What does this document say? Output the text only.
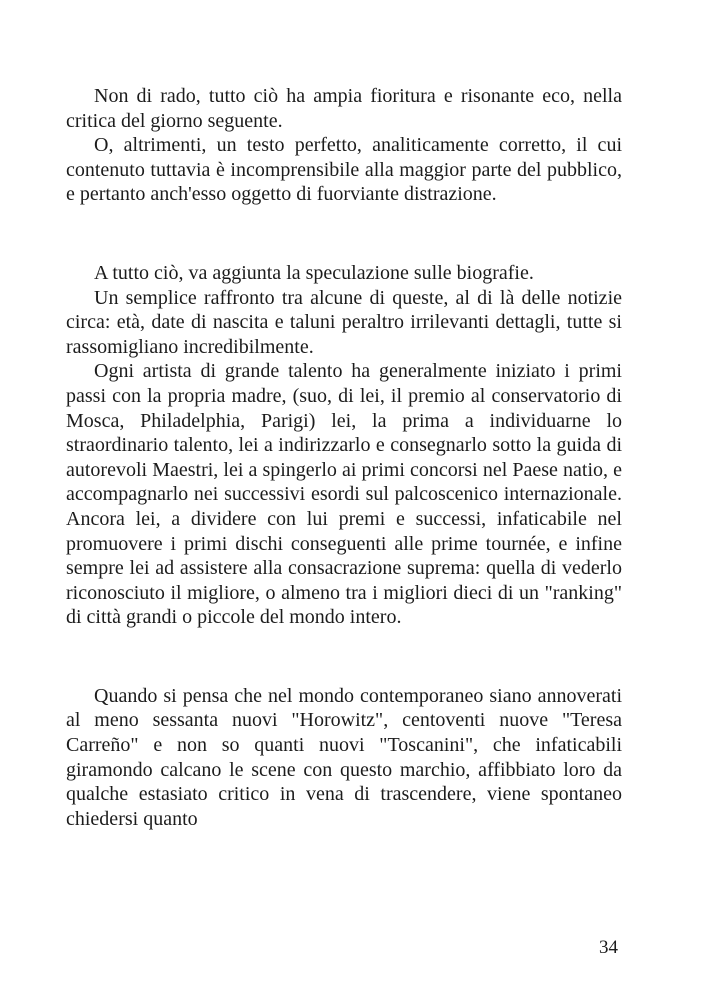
Non di rado, tutto ciò ha ampia fioritura e risonante eco, nella critica del giorno seguente.

O, altrimenti, un testo perfetto, analiticamente corretto, il cui contenuto tuttavia è incomprensibile alla maggior parte del pubblico, e pertanto anch'esso oggetto di fuorviante distrazione.

A tutto ciò, va aggiunta la speculazione sulle biografie.

Un semplice raffronto tra alcune di queste, al di là delle notizie circa: età, date di nascita e taluni peraltro irrilevanti dettagli, tutte si rassomigliano incredibilmente.

Ogni artista di grande talento ha generalmente iniziato i primi passi con la propria madre, (suo, di lei, il premio al conservatorio di Mosca, Philadelphia, Parigi) lei, la prima a individuarne lo straordinario talento, lei a indirizzarlo e consegnarlo sotto la guida di autorevoli Maestri, lei a spingerlo ai primi concorsi nel Paese natio, e accompagnarlo nei successivi esordi sul palcoscenico internazionale. Ancora lei, a dividere con lui premi e successi, infaticabile nel promuovere i primi dischi conseguenti alle prime tournée, e infine sempre lei ad assistere alla consacrazione suprema: quella di vederlo riconosciuto il migliore, o almeno tra i migliori dieci di un "ranking" di città grandi o piccole del mondo intero.

Quando si pensa che nel mondo contemporaneo siano annoverati al meno sessanta nuovi "Horowitz", centoventi nuove "Teresa Carreño" e non so quanti nuovi "Toscanini", che infaticabili giramondo calcano le scene con questo marchio, affibbiato loro da qualche estasiato critico in vena di trascendere, viene spontaneo chiedersi quanto

34
